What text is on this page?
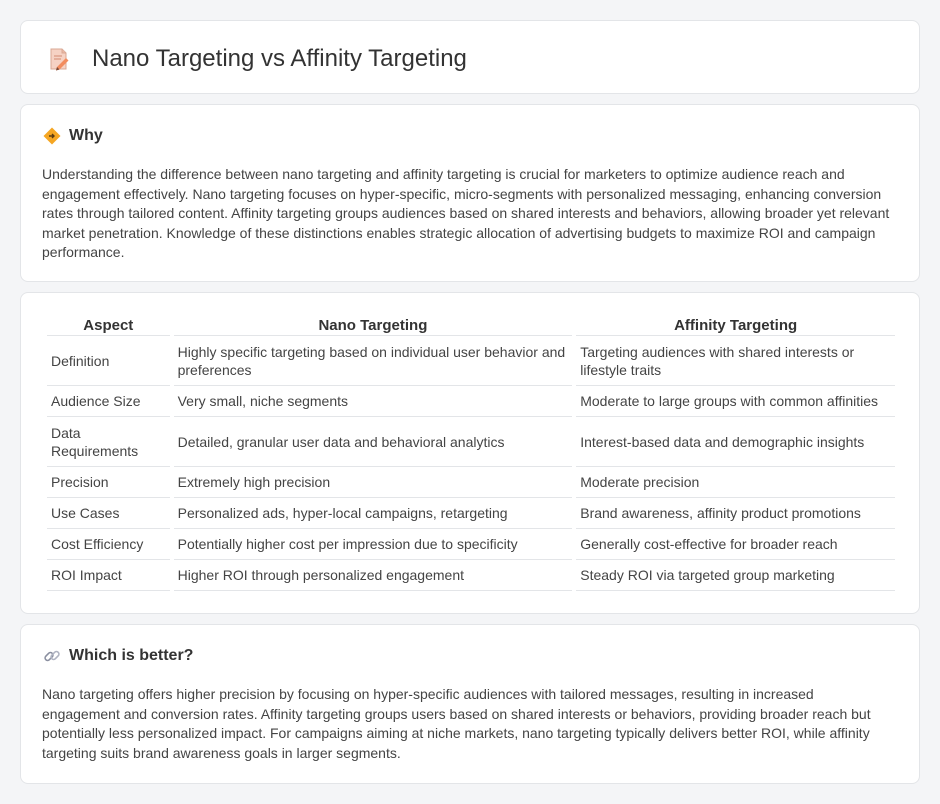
Nano Targeting vs Affinity Targeting
Why

Understanding the difference between nano targeting and affinity targeting is crucial for marketers to optimize audience reach and engagement effectively. Nano targeting focuses on hyper-specific, micro-segments with personalized messaging, enhancing conversion rates through tailored content. Affinity targeting groups audiences based on shared interests and behaviors, allowing broader yet relevant market penetration. Knowledge of these distinctions enables strategic allocation of advertising budgets to maximize ROI and campaign performance.

Aspect	Nano Targeting	Affinity Targeting
Definition	Highly specific targeting based on individual user behavior and preferences	Targeting audiences with shared interests or lifestyle traits
Audience Size	Very small, niche segments	Moderate to large groups with common affinities
Data Requirements	Detailed, granular user data and behavioral analytics	Interest-based data and demographic insights
Precision	Extremely high precision	Moderate precision
Use Cases	Personalized ads, hyper-local campaigns, retargeting	Brand awareness, affinity product promotions
Cost Efficiency	Potentially higher cost per impression due to specificity	Generally cost-effective for broader reach
ROI Impact	Higher ROI through personalized engagement	Steady ROI via targeted group marketing
Which is better?

Nano targeting offers higher precision by focusing on hyper-specific audiences with tailored messages, resulting in increased engagement and conversion rates. Affinity targeting groups users based on shared interests or behaviors, providing broader reach but potentially less personalized impact. For campaigns aiming at niche markets, nano targeting typically delivers better ROI, while affinity targeting suits brand awareness goals in larger segments.
